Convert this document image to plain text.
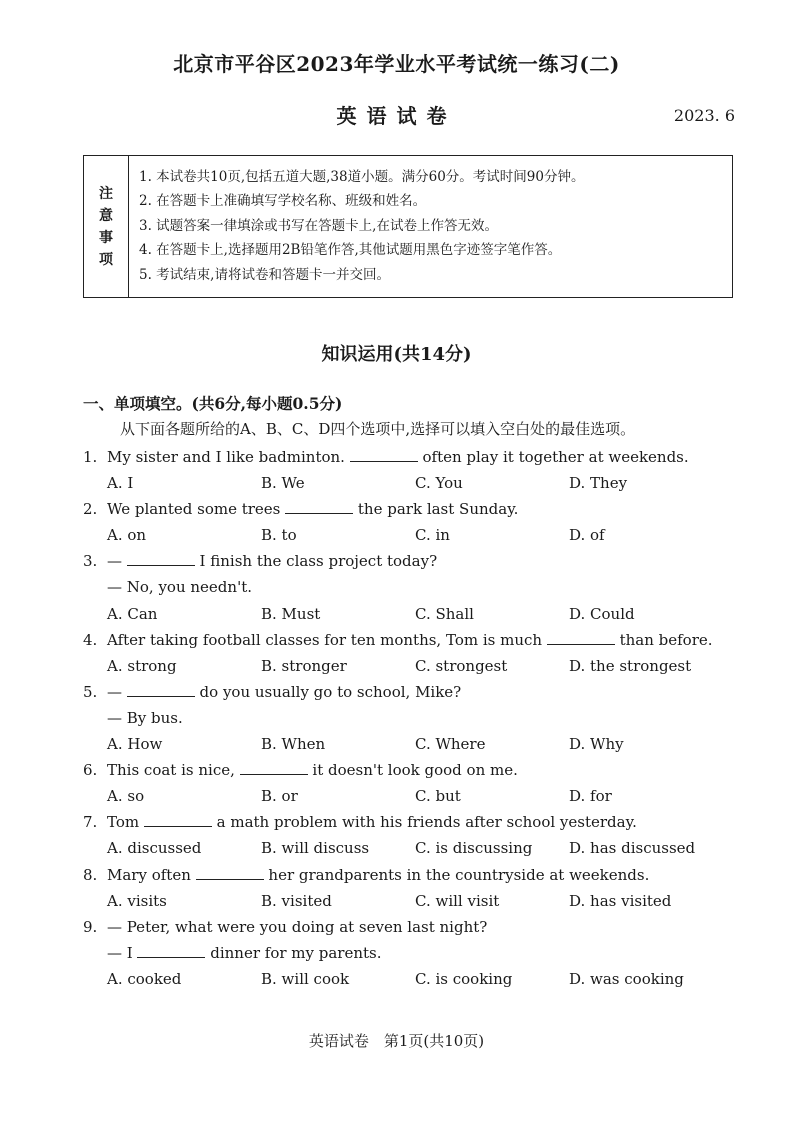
北京市平谷区2023年学业水平考试统一练习(二)
英语试卷	2023. 6
注
意
事
项
1. 本试卷共10页,包括五道大题,38道小题。满分60分。考试时间90分钟。
2. 在答题卡上准确填写学校名称、班级和姓名。
3. 试题答案一律填涂或书写在答题卡上,在试卷上作答无效。
4. 在答题卡上,选择题用2B铅笔作答,其他试题用黑色字迹签字笔作答。
5. 考试结束,请将试卷和答题卡一并交回。
知识运用(共14分)
一、单项填空。(共6分,每小题0.5分)
从下面各题所给的A、B、C、D四个选项中,选择可以填入空白处的最佳选项。
1. My sister and I like badminton.	often play it together at weekends.
A. I	B. We	C. You	D. They
2. We planted some trees	the park last Sunday.
A. on	B. to	C. in	D. of
3. —	I finish the class project today?
— No, you needn't.
A. Can	B. Must	C. Shall	D. Could
4. After taking football classes for ten months, Tom is much	than before.
A. strong	B. stronger	C. strongest	D. the strongest
5. —	do you usually go to school, Mike?
— By bus.
A. How	B. When	C. Where	D. Why
6. This coat is nice,	it doesn't look good on me.
A. so	B. or	C. but	D. for
7. Tom	a math problem with his friends after school yesterday.
A. discussed	B. will discuss	C. is discussing	D. has discussed
8. Mary often	her grandparents in the countryside at weekends.
A. visits	B. visited	C. will visit	D. has visited
9. — Peter, what were you doing at seven last night?
— I	dinner for my parents.
A. cooked	B. will cook	C. is cooking	D. was cooking
英语试卷　第1页(共10页)
